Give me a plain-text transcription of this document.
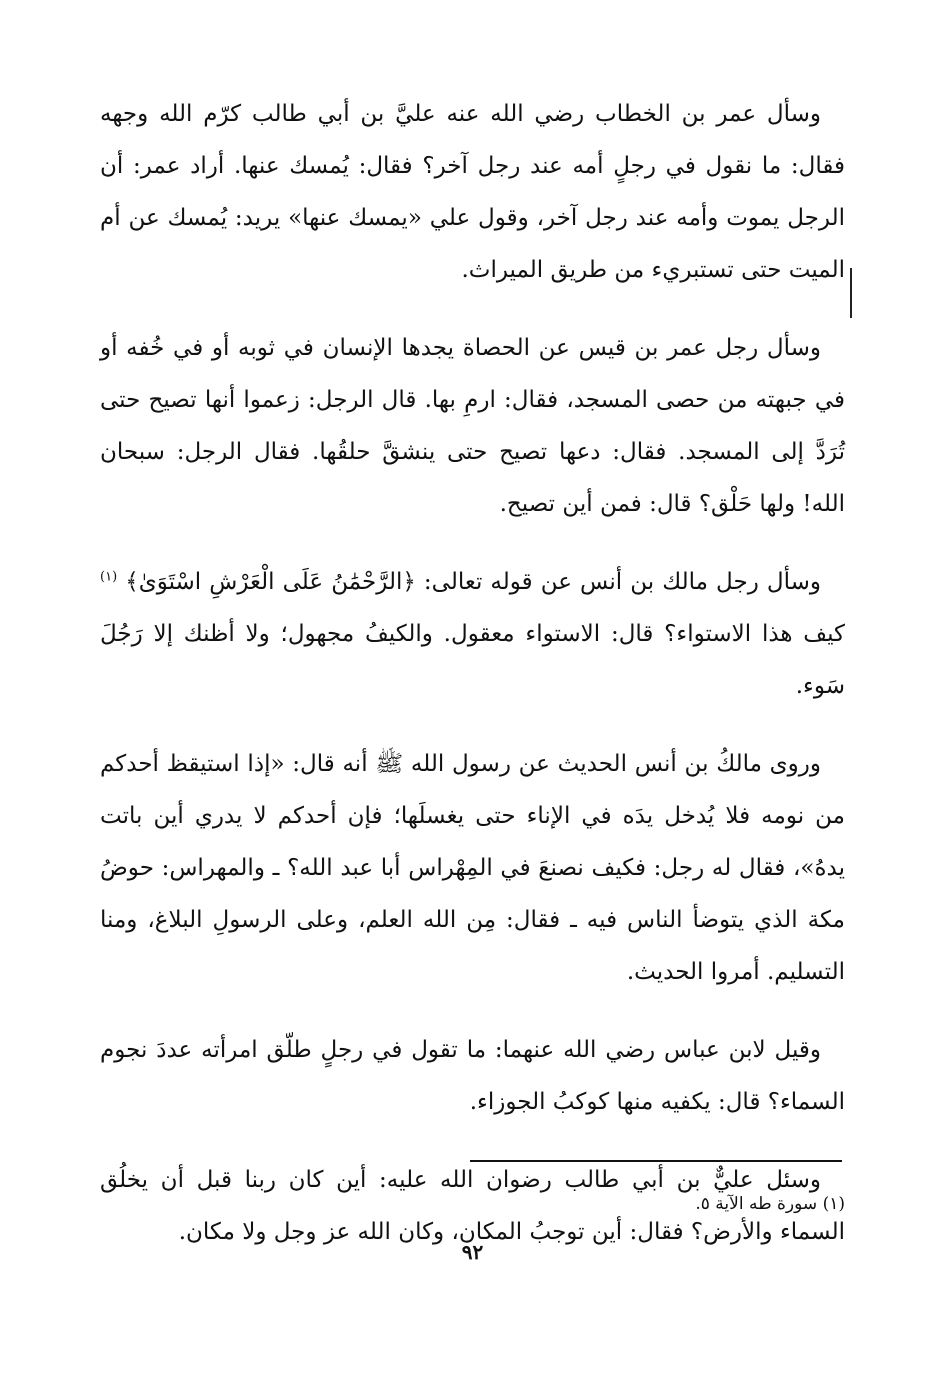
وسأل عمر بن الخطاب رضي الله عنه عليَّ بن أبي طالب كرّم الله وجهه فقال: ما نقول في رجلٍ أمه عند رجل آخر؟ فقال: يُمسك عنها. أراد عمر: أن الرجل يموت وأمه عند رجل آخر، وقول علي «يمسك عنها» يريد: يُمسك عن أم الميت حتى تستبريء من طريق الميراث.

وسأل رجل عمر بن قيس عن الحصاة يجدها الإنسان في ثوبه أو في خُفه أو في جبهته من حصى المسجد، فقال: ارمِ بها. قال الرجل: زعموا أنها تصيح حتى تُرَدَّ إلى المسجد. فقال: دعها تصيح حتى ينشقَّ حلقُها. فقال الرجل: سبحان الله! ولها حَلْق؟ قال: فمن أين تصيح.

وسأل رجل مالك بن أنس عن قوله تعالى: ﴿الرَّحْمَٰنُ عَلَى الْعَرْشِ اسْتَوَىٰ﴾ $^{(١)}$ كيف هذا الاستواء؟ قال: الاستواء معقول. والكيفُ مجهول؛ ولا أظنك إلا رَجُلَ سَوء.

وروى مالكُ بن أنس الحديث عن رسول الله ﷺ أنه قال: «إذا استيقظ أحدكم من نومه فلا يُدخل يدَه في الإناء حتى يغسلَها؛ فإن أحدكم لا يدري أين باتت يدهُ»، فقال له رجل: فكيف نصنعَ في المِهْراس أبا عبد الله؟ ـ والمهراس: حوضُ مكة الذي يتوضأ الناس فيه ـ فقال: مِن الله العلم، وعلى الرسولِ البلاغ، ومنا التسليم. أمروا الحديث.

وقيل لابن عباس رضي الله عنهما: ما تقول في رجلٍ طلّق امرأته عددَ نجوم السماء؟ قال: يكفيه منها كوكبُ الجوزاء.

وسئل عليٌّ بن أبي طالب رضوان الله عليه: أين كان ربنا قبل أن يخلُق السماء والأرض؟ فقال: أين توجبُ المكان، وكان الله عز وجل ولا مكان.

(١) سورة طه الآية ٥.
٩٢
